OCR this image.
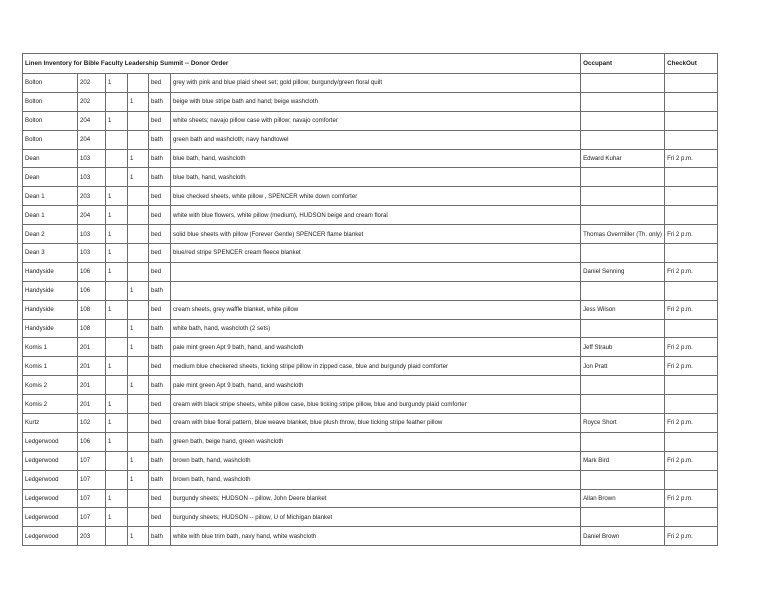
Linen Inventory for Bible Faculty Leadership Summit -- Donor Order						Occupant	CheckOut
Bolton	202	1		bed	grey with pink and blue plaid sheet set; gold pillow; burgundy/green floral quilt		
Bolton	202		1	bath	beige with blue stripe bath and hand; beige washcloth		
Bolton	204	1		bed	white sheets; navajo pillow case with pillow; navajo comforter		
Bolton	204			bath	green bath and washcloth; navy handtowel		
Dean	103		1	bath	blue bath, hand, washcloth	Edward Kuhar	Fri 2 p.m.
Dean	103		1	bath	blue bath, hand, washcloth		
Dean 1	203	1		bed	blue checked sheets, white pillow , SPENCER white down comforter		
Dean 1	204	1		bed	white with blue flowers, white pillow (medium), HUDSON beige and cream floral		
Dean 2	103	1		bed	solid blue sheets with pillow (Forever Gentle) SPENCER flame blanket	Thomas Overmiller (Th. only)	Fri 2 p.m.
Dean 3	103	1		bed	blue/red stripe SPENCER cream fleece blanket		
Handyside	106	1		bed		Daniel Senning	Fri 2 p.m.
Handyside	106		1	bath			
Handyside	108	1		bed	cream sheets, grey waffle blanket, white pillow	Jess Wilson	Fri 2 p.m.
Handyside	108		1	bath	white bath, hand, washcloth (2 sets)		
Komis 1	201		1	bath	pale mint green Apt 9 bath, hand, and washcloth	Jeff Straub	Fri 2 p.m.
Komis 1	201	1		bed	medium blue checkered sheets, ticking stripe pillow in zipped case, blue and burgundy plaid comforter	Jon Pratt	Fri 2 p.m.
Komis 2	201		1	bath	pale mint green Apt 9 bath, hand, and washcloth		
Komis 2	201	1		bed	cream with black stripe sheets, white pillow case, blue ticking stripe pillow, blue and burgundy plaid comforter		
Kurtz	102	1		bed	cream with blue floral pattern, blue weave blanket, blue plush throw, blue ticking stripe feather pillow	Royce Short	Fri 2 p.m.
Ledgerwood	106	1		bath	green bath, beige hand, green washcloth		
Ledgerwood	107		1	bath	brown bath, hand, washcloth	Mark Bird	Fri 2 p.m.
Ledgerwood	107		1	bath	brown bath, hand, washcloth		
Ledgerwood	107	1		bed	burgundy sheets; HUDSON -- pillow, John Deere blanket	Allan Brown	Fri 2 p.m.
Ledgerwood	107	1		bed	burgundy sheets; HUDSON -- pillow, U of Michigan blanket		
Ledgerwood	203		1	bath	white with blue trim bath, navy hand, white washcloth	Daniel Brown	Fri 2 p.m.
